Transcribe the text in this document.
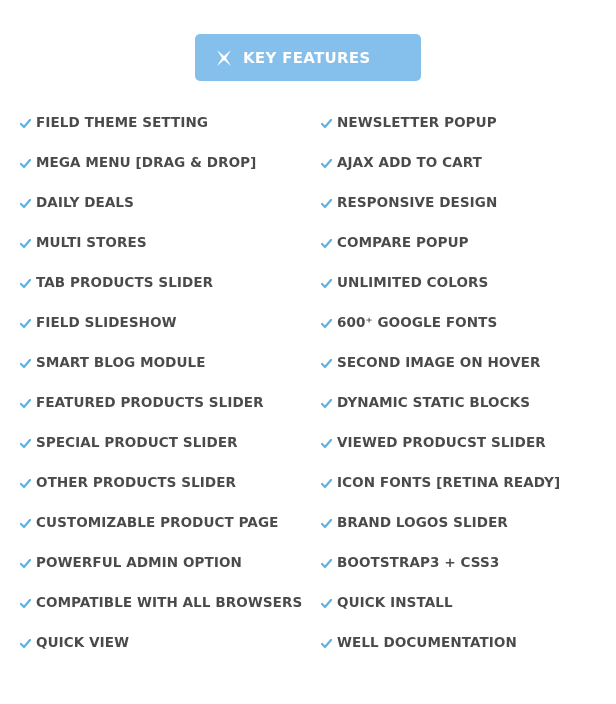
KEY FEATURES
FIELD THEME SETTING
MEGA MENU [DRAG & DROP]
DAILY DEALS
MULTI STORES
TAB PRODUCTS SLIDER
FIELD SLIDESHOW
SMART BLOG MODULE
FEATURED PRODUCTS SLIDER
SPECIAL PRODUCT SLIDER
OTHER PRODUCTS SLIDER
CUSTOMIZABLE PRODUCT PAGE
POWERFUL ADMIN OPTION
COMPATIBLE WITH ALL BROWSERS
QUICK VIEW
NEWSLETTER POPUP
AJAX ADD TO CART
RESPONSIVE DESIGN
COMPARE POPUP
UNLIMITED COLORS
600⁺ GOOGLE FONTS
SECOND IMAGE ON HOVER
DYNAMIC STATIC BLOCKS
VIEWED PRODUCST SLIDER
ICON FONTS [RETINA READY]
BRAND LOGOS SLIDER
BOOTSTRAP3 + CSS3
QUICK INSTALL
WELL DOCUMENTATION
